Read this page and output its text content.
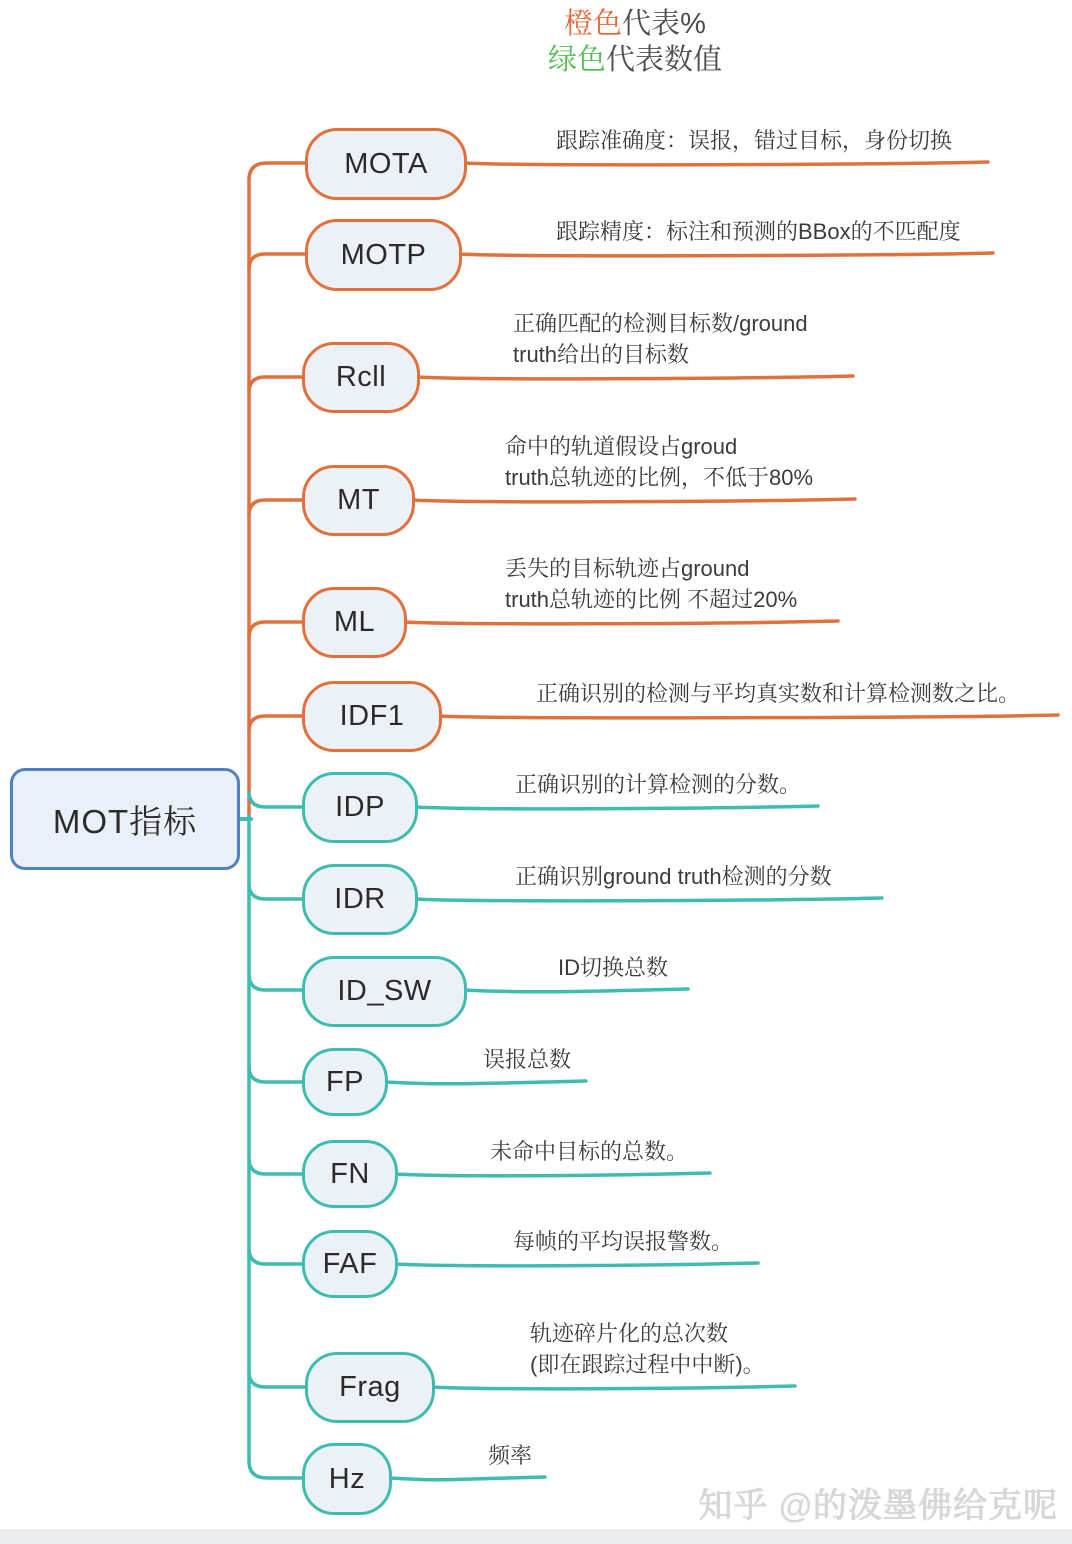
橙色代表%
绿色代表数值
MOT指标
MOTA
跟踪准确度：误报，错过目标，身份切换
MOTP
跟踪精度：标注和预测的BBox的不匹配度
Rcll
正确匹配的检测目标数/ground
truth给出的目标数
MT
命中的轨道假设占groud
truth总轨迹的比例，不低于80%
ML
丢失的目标轨迹占ground
truth总轨迹的比例 不超过20%
IDF1
正确识别的检测与平均真实数和计算检测数之比。
IDP
正确识别的计算检测的分数。
IDR
正确识别ground truth检测的分数
ID_SW
ID切换总数
FP
误报总数
FN
未命中目标的总数。
FAF
每帧的平均误报警数。
Frag
轨迹碎片化的总次数
(即在跟踪过程中中断)。
Hz
频率
知乎 @的泼墨佛给克呢
